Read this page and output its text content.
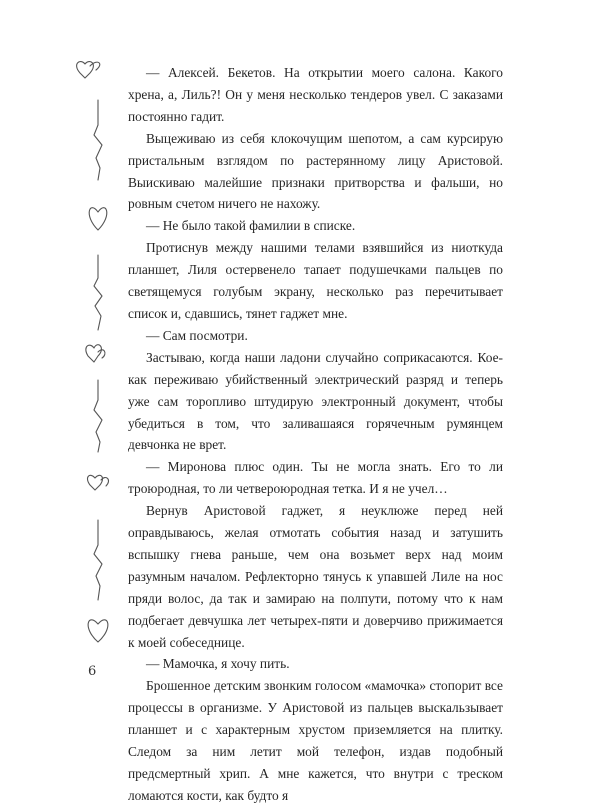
— Алексей. Бекетов. На открытии моего салона. Какого хрена, а, Лиль?! Он у меня несколько тендеров увел. С заказами постоянно гадит.

Выцеживаю из себя клокочущим шепотом, а сам курсирую пристальным взглядом по растерянному лицу Аристовой. Выискиваю малейшие признаки притворства и фальши, но ровным счетом ничего не нахожу.

— Не было такой фамилии в списке.

Протиснув между нашими телами взявшийся из ниоткуда планшет, Лиля остервенело тапает подушечками пальцев по светящемуся голубым экрану, несколько раз перечитывает список и, сдавшись, тянет гаджет мне.

— Сам посмотри.

Застываю, когда наши ладони случайно соприкасаются. Кое-как переживаю убийственный электрический разряд и теперь уже сам торопливо штудирую электронный документ, чтобы убедиться в том, что заливашаяся горячечным румянцем девчонка не врет.

— Миронова плюс один. Ты не могла знать. Его то ли троюродная, то ли четвероюродная тетка. И я не учел…

Вернув Аристовой гаджет, я неуклюже перед ней оправдываюсь, желая отмотать события назад и затушить вспышку гнева раньше, чем она возьмет верх над моим разумным началом. Рефлекторно тянусь к упавшей Лиле на нос пряди волос, да так и замираю на полпути, потому что к нам подбегает девчушка лет четырех-пяти и доверчиво прижимается к моей собеседнице.

— Мамочка, я хочу пить.

Брошенное детским звонким голосом «мамочка» стопорит все процессы в организме. У Аристовой из пальцев выскальзывает планшет и с характерным хрустом приземляется на плитку. Следом за ним летит мой телефон, издав подобный предсмертный хрип. А мне кажется, что внутри с треском ломаются кости, как будто я

6
